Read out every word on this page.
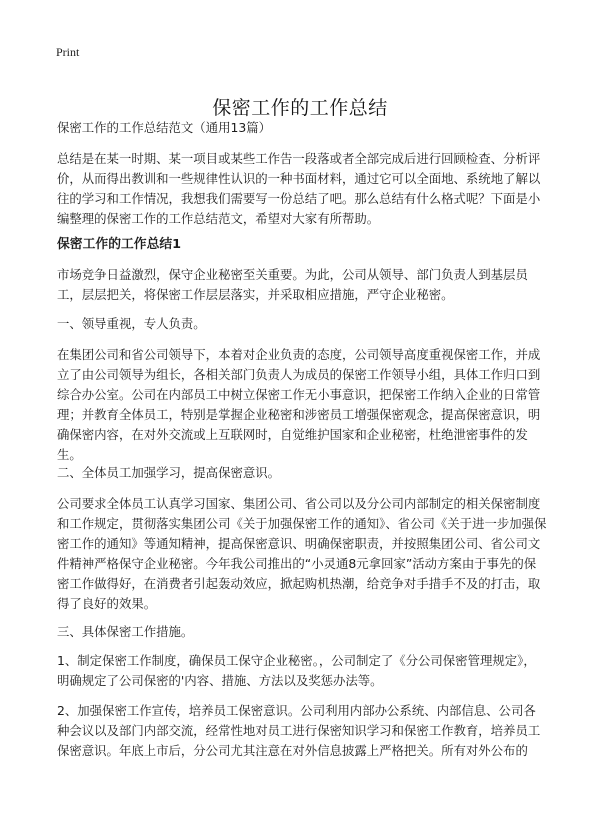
Print
保密工作的工作总结

保密工作的工作总结范文（通用13篇）

总结是在某一时期、某一项目或某些工作告一段落或者全部完成后进行回顾检查、分析评价，从而得出教训和一些规律性认识的一种书面材料，通过它可以全面地、系统地了解以往的学习和工作情况，我想我们需要写一份总结了吧。那么总结有什么格式呢？下面是小编整理的保密工作的工作总结范文，希望对大家有所帮助。

保密工作的工作总结1

市场竞争日益激烈，保守企业秘密至关重要。为此，公司从领导、部门负责人到基层员工，层层把关，将保密工作层层落实，并采取相应措施，严守企业秘密。

一、领导重视，专人负责。

在集团公司和省公司领导下，本着对企业负责的态度，公司领导高度重视保密工作，并成立了由公司领导为组长，各相关部门负责人为成员的保密工作领导小组，具体工作归口到综合办公室。公司在内部员工中树立保密工作无小事意识，把保密工作纳入企业的日常管理；并教育全体员工，特别是掌握企业秘密和涉密员工增强保密观念，提高保密意识，明确保密内容，在对外交流或上互联网时，自觉维护国家和企业秘密，杜绝泄密事件的发生。

二、全体员工加强学习，提高保密意识。

公司要求全体员工认真学习国家、集团公司、省公司以及分公司内部制定的相关保密制度和工作规定，贯彻落实集团公司《关于加强保密工作的通知》、省公司《关于进一步加强保密工作的通知》等通知精神，提高保密意识、明确保密职责，并按照集团公司、省公司文件精神严格保守企业秘密。今年我公司推出的“小灵通8元拿回家”活动方案由于事先的保密工作做得好，在消费者引起轰动效应，掀起购机热潮，给竞争对手措手不及的打击，取得了良好的效果。

三、具体保密工作措施。

1、制定保密工作制度，确保员工保守企业秘密。，公司制定了《分公司保密管理规定》，明确规定了公司保密的'内容、措施、方法以及奖惩办法等。

2、加强保密工作宣传，培养员工保密意识。公司利用内部办公系统、内部信息、公司各种会议以及部门内部交流，经常性地对员工进行保密知识学习和保密工作教育，培养员工保密意识。年底上市后，分公司尤其注意在对外信息披露上严格把关。所有对外公布的
